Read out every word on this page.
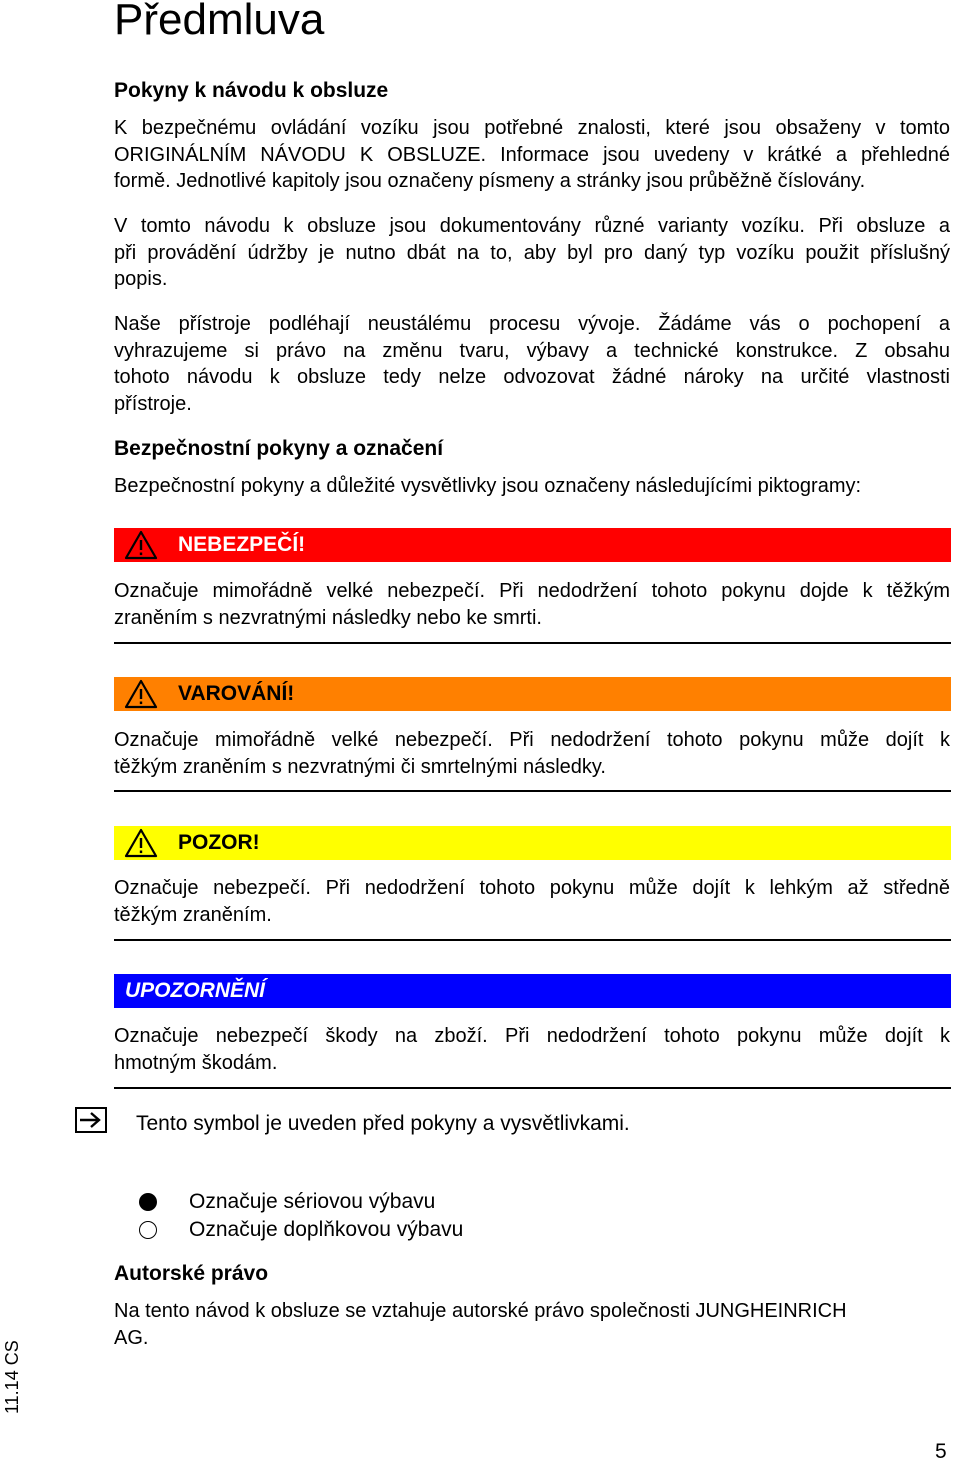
Předmluva
Pokyny k návodu k obsluze
K bezpečnému ovládání vozíku jsou potřebné znalosti, které jsou obsaženy v tomto
ORIGINÁLNÍM NÁVODU K OBSLUZE. Informace jsou uvedeny v krátké a přehledné
formě. Jednotlivé kapitoly jsou označeny písmeny a stránky jsou průběžně číslovány.
V tomto návodu k obsluze jsou dokumentovány různé varianty vozíku. Při obsluze a
při provádění údržby je nutno dbát na to, aby byl pro daný typ vozíku použit příslušný
popis.
Naše přístroje podléhají neustálému procesu vývoje. Žádáme vás o pochopení a
vyhrazujeme si právo na změnu tvaru, výbavy a technické konstrukce. Z obsahu
tohoto návodu k obsluze tedy nelze odvozovat žádné nároky na určité vlastnosti
přístroje.
Bezpečnostní pokyny a označení
Bezpečnostní pokyny a důležité vysvětlivky jsou označeny následujícími piktogramy:
NEBEZPEČÍ!
Označuje mimořádně velké nebezpečí. Při nedodržení tohoto pokynu dojde k těžkým
zraněním s nezvratnými následky nebo ke smrti.
VAROVÁNÍ!
Označuje mimořádně velké nebezpečí. Při nedodržení tohoto pokynu může dojít k
těžkým zraněním s nezvratnými či smrtelnými následky.
POZOR!
Označuje nebezpečí. Při nedodržení tohoto pokynu může dojít k lehkým až středně
těžkým zraněním.
UPOZORNĚNÍ
Označuje nebezpečí škody na zboží. Při nedodržení tohoto pokynu může dojít k
hmotným škodám.
Tento symbol je uveden před pokyny a vysvětlivkami.
Označuje sériovou výbavu
Označuje doplňkovou výbavu
Autorské právo
Na tento návod k obsluze se vztahuje autorské právo společnosti JUNGHEINRICH
AG.
11.14 CS
5
